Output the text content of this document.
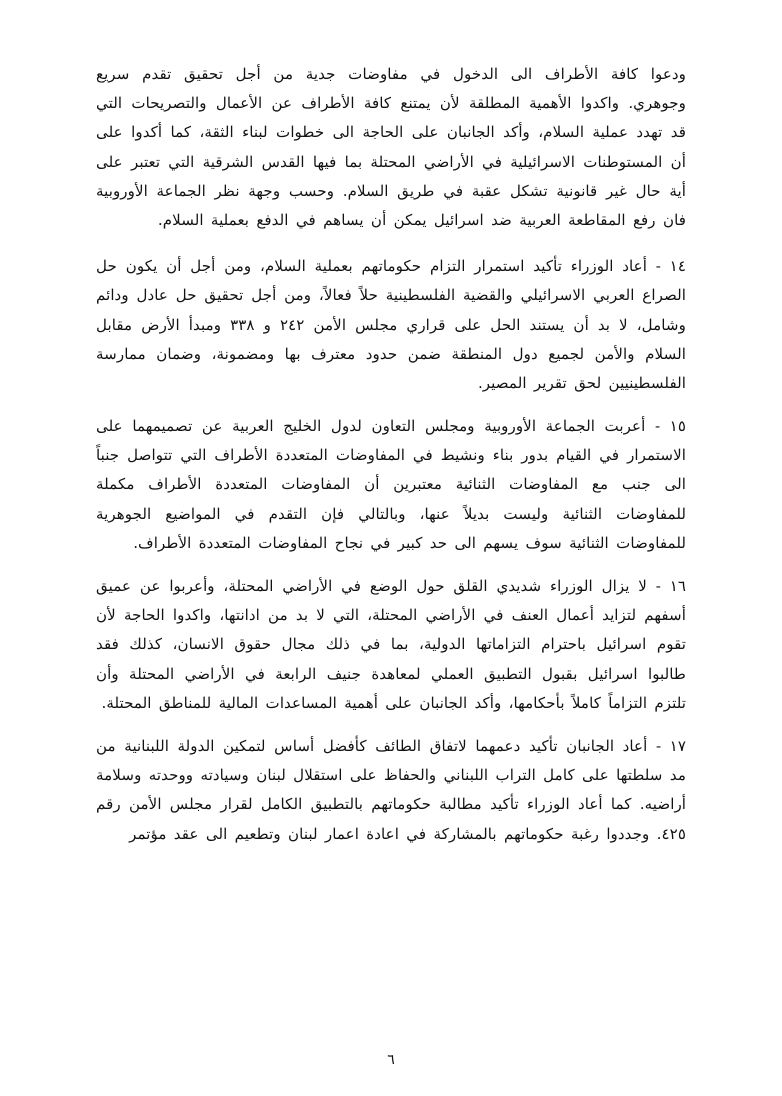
ودعوا كافة الأطراف الى الدخول في مفاوضات جدية من أجل تحقيق تقدم سريع وجوهري. واكدوا الأهمية المطلقة لأن يمتنع كافة الأطراف عن الأعمال والتصريحات التي قد تهدد عملية السلام، وأكد الجانبان على الحاجة الى خطوات لبناء الثقة، كما أكدوا على أن المستوطنات الاسرائيلية في الأراضي المحتلة بما فيها القدس الشرقية التي تعتبر على أية حال غير قانونية تشكل عقبة في طريق السلام. وحسب وجهة نظر الجماعة الأوروبية فان رفع المقاطعة العربية ضد اسرائيل يمكن أن يساهم في الدفع بعملية السلام.

١٤ - أعاد الوزراء تأكيد استمرار التزام حكوماتهم بعملية السلام، ومن أجل أن يكون حل الصراع العربي الاسرائيلي والقضية الفلسطينية حلاً فعالاً، ومن أجل تحقيق حل عادل ودائم وشامل، لا بد أن يستند الحل على قراري مجلس الأمن ٢٤٢ و ٣٣٨ ومبدأ الأرض مقابل السلام والأمن لجميع دول المنطقة ضمن حدود معترف بها ومضمونة، وضمان ممارسة الفلسطينيين لحق تقرير المصير.

١٥ - أعربت الجماعة الأوروبية ومجلس التعاون لدول الخليج العربية عن تصميمهما على الاستمرار في القيام بدور بناء ونشيط في المفاوضات المتعددة الأطراف التي تتواصل جنباً الى جنب مع المفاوضات الثنائية معتبرين أن المفاوضات المتعددة الأطراف مكملة للمفاوضات الثنائية وليست بديلاً عنها، وبالتالي فإن التقدم في المواضيع الجوهرية للمفاوضات الثنائية سوف يسهم الى حد كبير في نجاح المفاوضات المتعددة الأطراف.

١٦ - لا يزال الوزراء شديدي القلق حول الوضع في الأراضي المحتلة، وأعربوا عن عميق أسفهم لتزايد أعمال العنف في الأراضي المحتلة، التي لا بد من ادانتها، واكدوا الحاجة لأن تقوم اسرائيل باحترام التزاماتها الدولية، بما في ذلك مجال حقوق الانسان، كذلك فقد طالبوا اسرائيل بقبول التطبيق العملي لمعاهدة جنيف الرابعة في الأراضي المحتلة وأن تلتزم التزاماً كاملاً بأحكامها، وأكد الجانبان على أهمية المساعدات المالية للمناطق المحتلة.

١٧ - أعاد الجانبان تأكيد دعمهما لاتفاق الطائف كأفضل أساس لتمكين الدولة اللبنانية من مد سلطتها على كامل التراب اللبناني والحفاظ على استقلال لبنان وسيادته ووحدته وسلامة أراضيه. كما أعاد الوزراء تأكيد مطالبة حكوماتهم بالتطبيق الكامل لقرار مجلس الأمن رقم ٤٢٥. وجددوا رغبة حكوماتهم بالمشاركة في اعادة اعمار لبنان وتطعيم الى عقد مؤتمر

٦
